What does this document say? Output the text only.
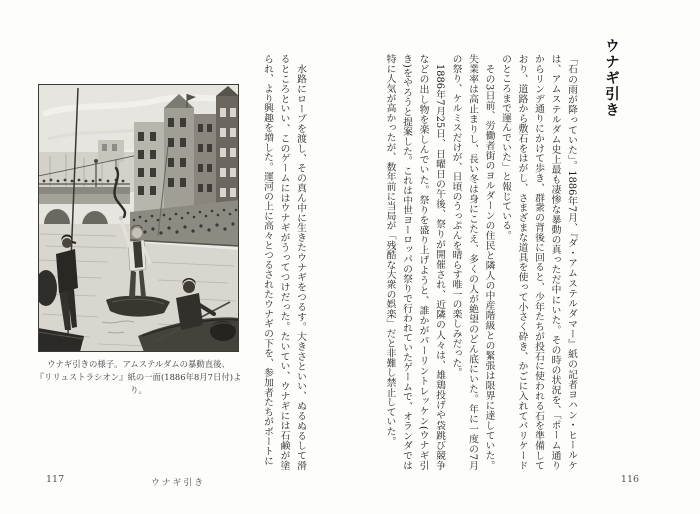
ウナギ引き

「石の雨が降っていた」。1886年7月、『ダ・アムステルダマー』紙の記者ヨハン・ヒールケは、アムステルダム史上最も凄惨な暴動の真っただ中にいた。その時の状況を、「ポーム通りからリンデ通りにかけて歩き、群衆の背後に回ると、少年たちが投石に使われる石を準備しており、道路から敷石をはがし、さまざまな道具を使って小さく砕き、かごに入れてバリケードのところまで運んでいた」と報じている。

その3日前、労働者街のヨルダーンの住民と隣人の中産階級との緊張は限界に達していた。失業率は高止まりし、長い冬は身にこたえ、多くの人が絶望のどん底にいた。年に一度の7月の祭り、ケルミスだけが、日頃のうっぷんを晴らす唯一の楽しみだった。

1886年7月25日、日曜日の午後、祭りが開催され、近隣の人々は、雄鶏投げや袋跳び競争などの出し物を楽しんでいた。祭りを盛り上げようと、誰かがパーリントレッケン(ウナギ引き)をやろうと提案した。これは中世ヨーロッパの祭りで行われていたゲームで、オランダでは特に人気が高かったが、数年前に当局が「残酷な大衆の娯楽」だと非難し禁止していた。

116

水路にロープを渡し、その真ん中に生きたウナギをつるす。大きさといい、ぬるぬるして滑るところといい、このゲームにはウナギがうってつけだった。たいてい、ウナギには石鹸が塗られ、より興趣を増した。運河の上に高々とつるされたウナギの下を、参加者たちがボートに

ウナギ引きの様子。アムステルダムの暴動直後、
『リリュストラシオン』紙の一面(1886年8月7日付)より。
117	ウナギ引き
